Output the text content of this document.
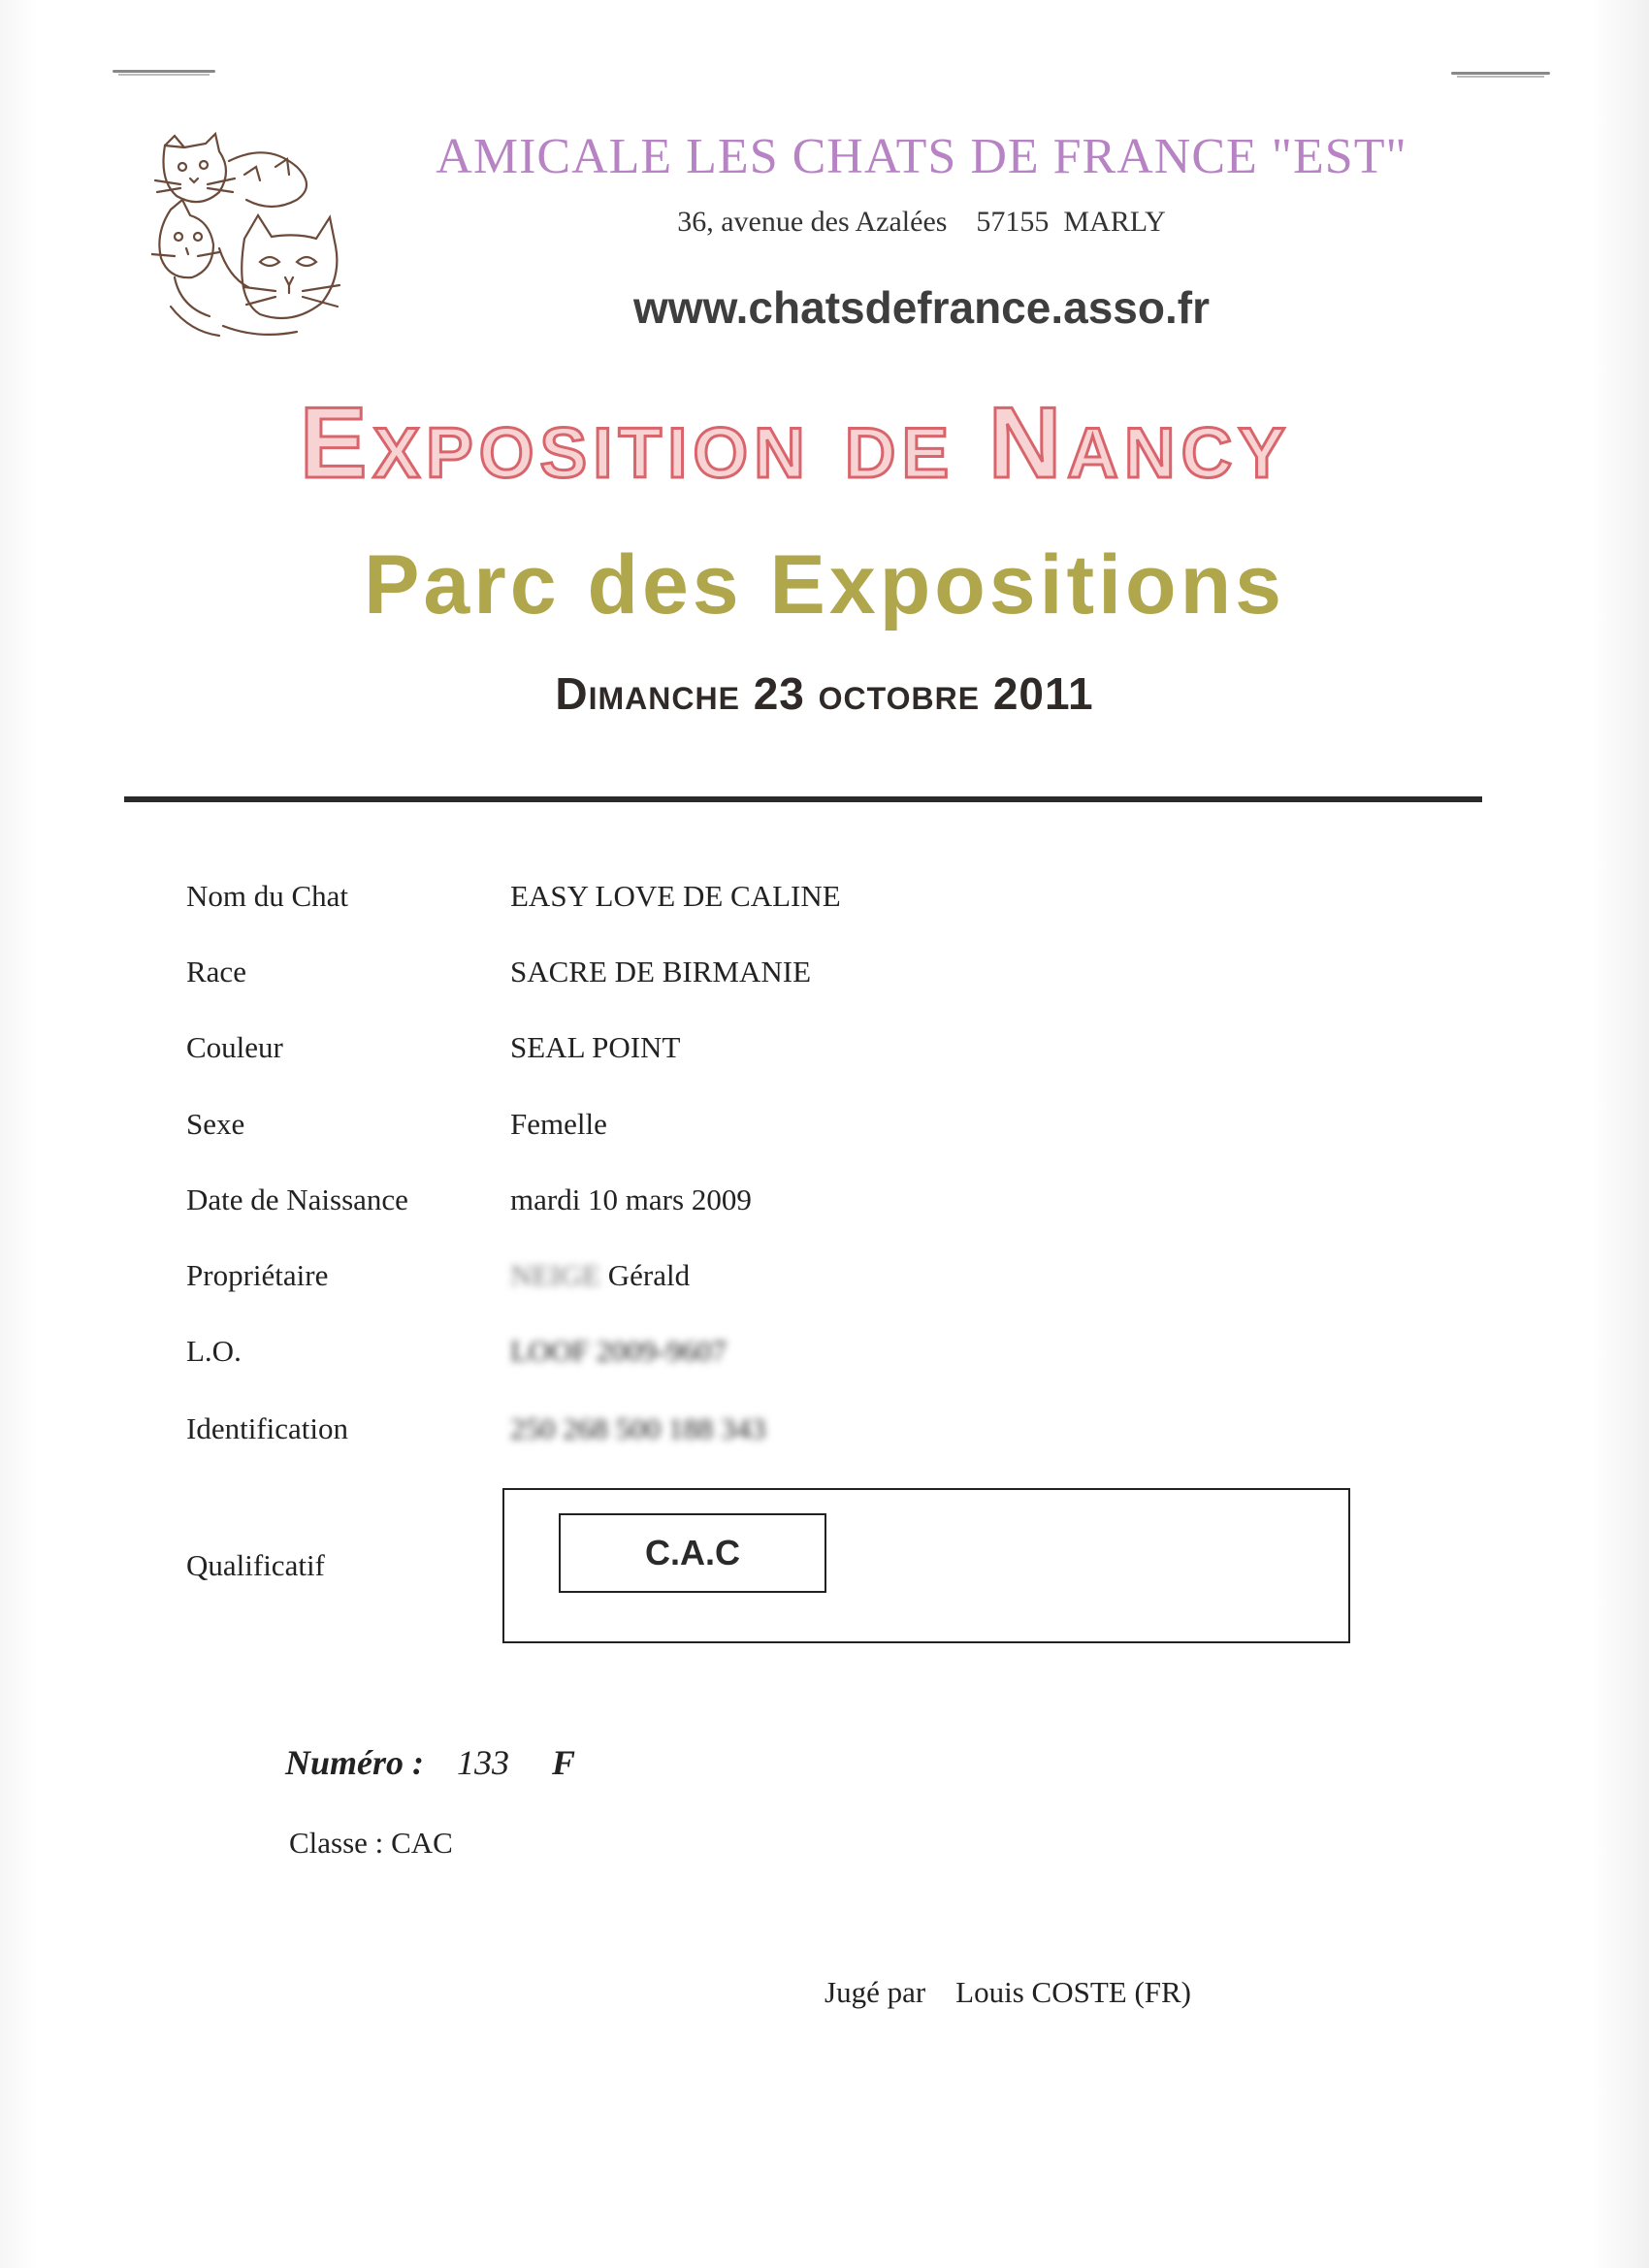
AMICALE LES CHATS DE FRANCE "EST"
36, avenue des Azalées    57155  MARLY
www.chatsdefrance.asso.fr
Exposition de Nancy
Parc des Expositions
Dimanche 23 octobre 2011
Nom du Chat	EASY LOVE DE CALINE
Race	SACRE DE BIRMANIE
Couleur	SEAL POINT
Sexe	Femelle
Date de Naissance	mardi 10 mars 2009
Propriétaire	NEIGE Gérald
L.O.	LOOF 2009-9607
Identification	250 268 500 188 343
Qualificatif	C.A.C
Numéro : 133 F
Classe : CAC
Jugé par Louis COSTE (FR)
